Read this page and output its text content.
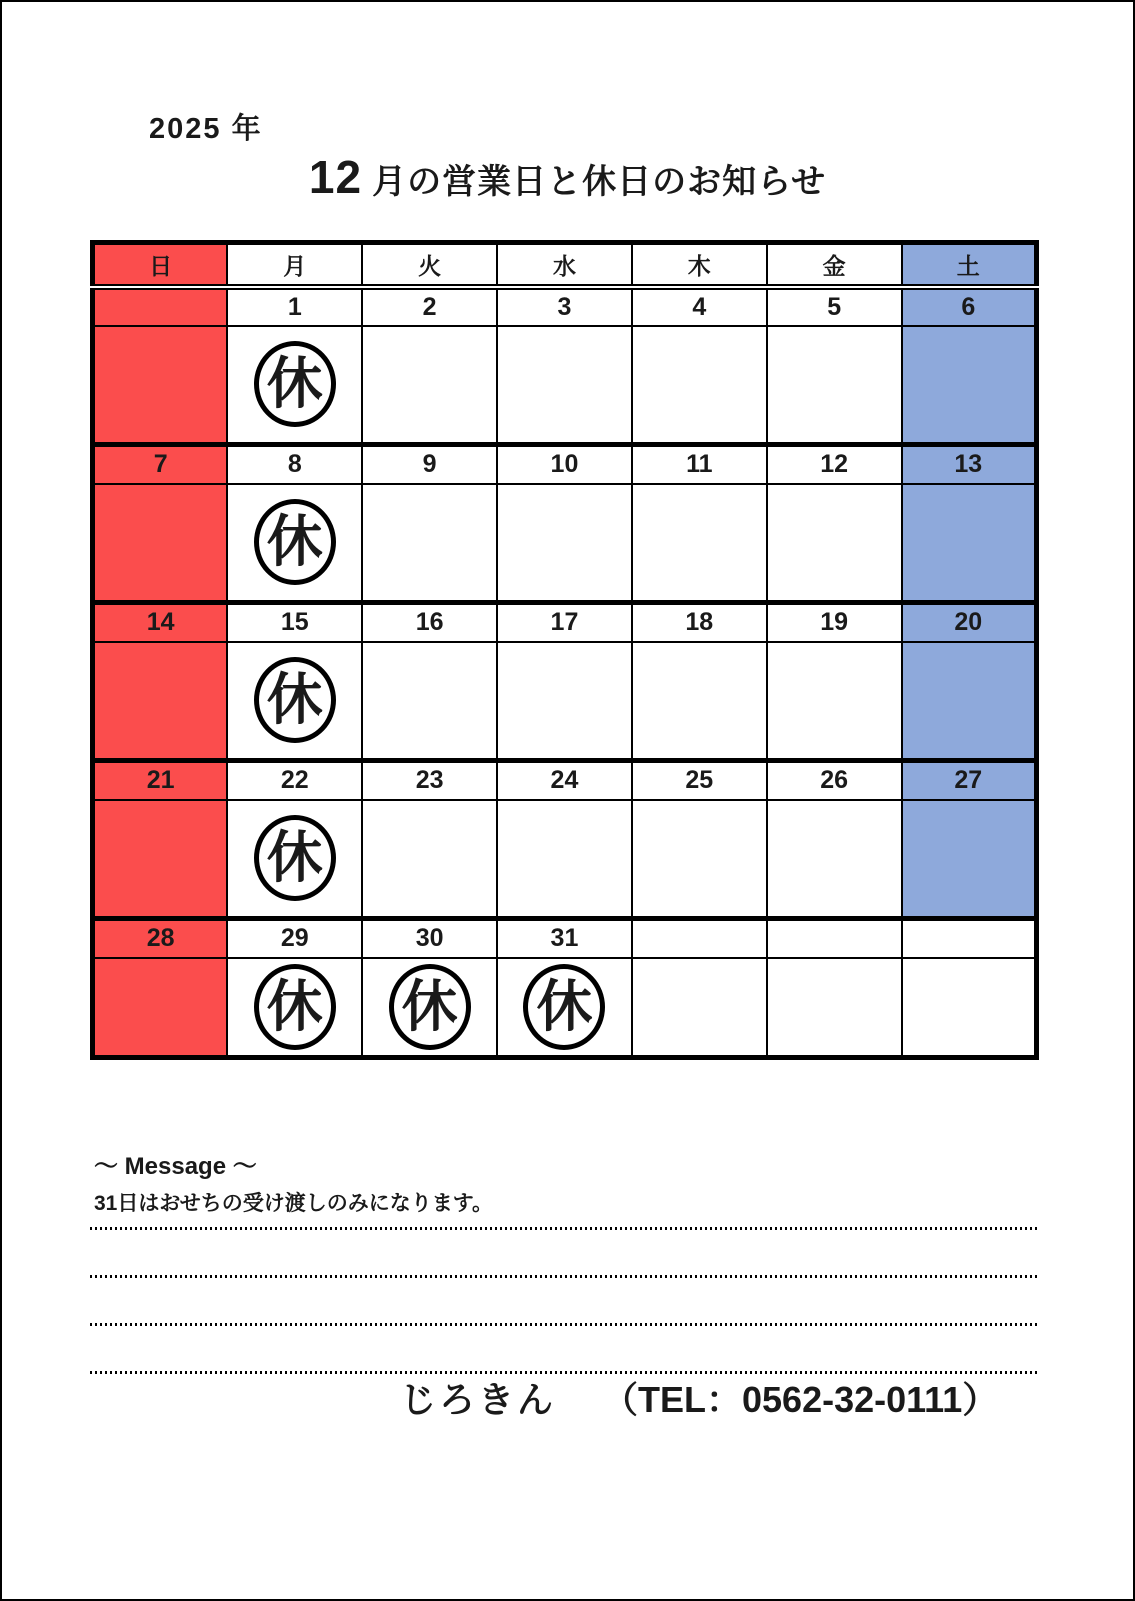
2025 年
12 月の営業日と休日のお知らせ
日	月	火	水	木	金	土
	1	2	3	4	5	6
	休					
7	8	9	10	11	12	13
	休					
14	15	16	17	18	19	20
	休					
21	22	23	24	25	26	27
	休					
28	29	30	31			
	休	休	休			
〜 Message 〜
31日はおせちの受け渡しのみになります。
じろきん （TEL：0562-32-0111）
